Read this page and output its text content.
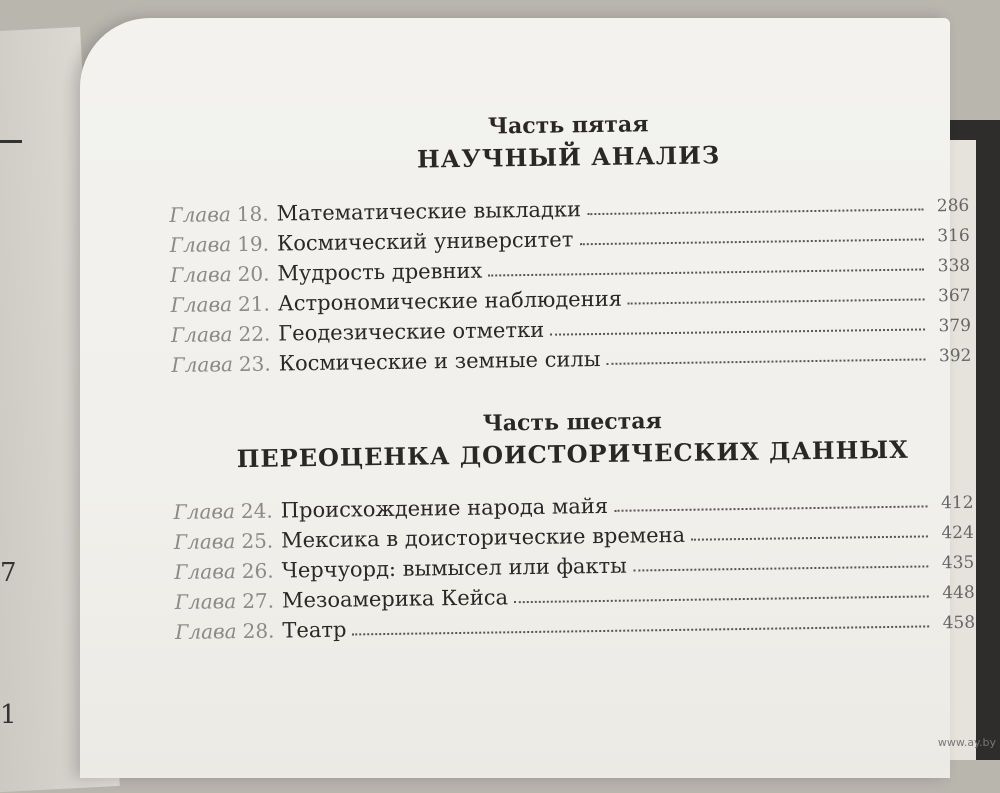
7
1
Часть пятая
НАУЧНЫЙ АНАЛИЗ
Глава 18. Математические выкладки	286
Глава 19. Космический университет	316
Глава 20. Мудрость древних	338
Глава 21. Астрономические наблюдения	367
Глава 22. Геодезические отметки	379
Глава 23. Космические и земные силы	392
Часть шестая
ПЕРЕОЦЕНКА ДОИСТОРИЧЕСКИХ ДАННЫХ
Глава 24. Происхождение народа майя	412
Глава 25. Мексика в доисторические времена	424
Глава 26. Черчуорд: вымысел или факты	435
Глава 27. Мезоамерика Кейса	448
Глава 28. Театр	458
www.ay.by
